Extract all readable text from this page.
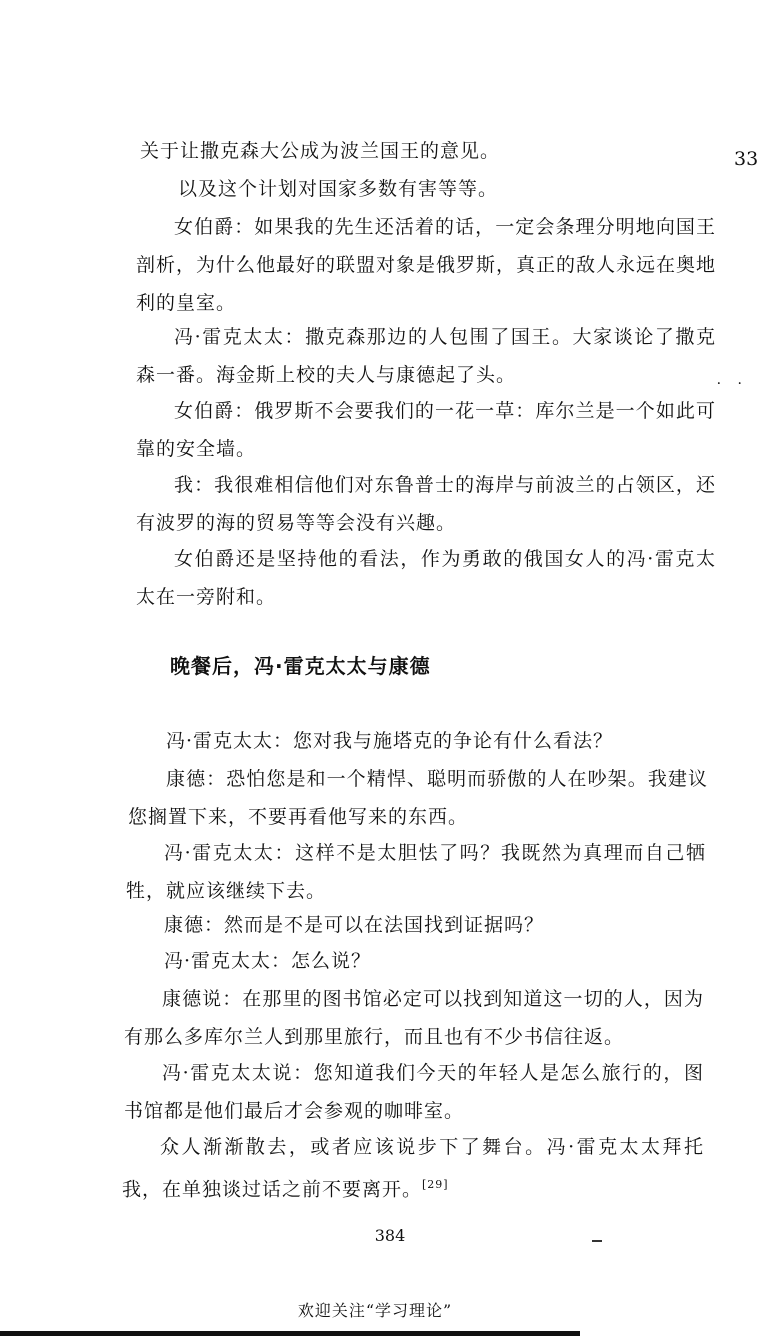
33

关于让撒克森大公成为波兰国王的意见。

以及这个计划对国家多数有害等等。

女伯爵：如果我的先生还活着的话，一定会条理分明地向国王剖析，为什么他最好的联盟对象是俄罗斯，真正的敌人永远在奥地利的皇室。

冯·雷克太太：撒克森那边的人包围了国王。大家谈论了撒克森一番。海金斯上校的夫人与康德起了头。

女伯爵：俄罗斯不会要我们的一花一草：库尔兰是一个如此可靠的安全墙。

我：我很难相信他们对东鲁普士的海岸与前波兰的占领区，还有波罗的海的贸易等等会没有兴趣。

女伯爵还是坚持他的看法，作为勇敢的俄国女人的冯·雷克太太在一旁附和。

· ·
晚餐后，冯·雷克太太与康德

冯·雷克太太：您对我与施塔克的争论有什么看法？

康德：恐怕您是和一个精悍、聪明而骄傲的人在吵架。我建议您搁置下来，不要再看他写来的东西。

冯·雷克太太：这样不是太胆怯了吗？我既然为真理而自己牺牲，就应该继续下去。

康德：然而是不是可以在法国找到证据吗？

冯·雷克太太：怎么说？

康德说：在那里的图书馆必定可以找到知道这一切的人，因为有那么多库尔兰人到那里旅行，而且也有不少书信往返。

冯·雷克太太说：您知道我们今天的年轻人是怎么旅行的，图书馆都是他们最后才会参观的咖啡室。

众人渐渐散去，或者应该说步下了舞台。冯·雷克太太拜托我，在单独谈过话之前不要离开。[29]

384
欢迎关注“学习理论”
